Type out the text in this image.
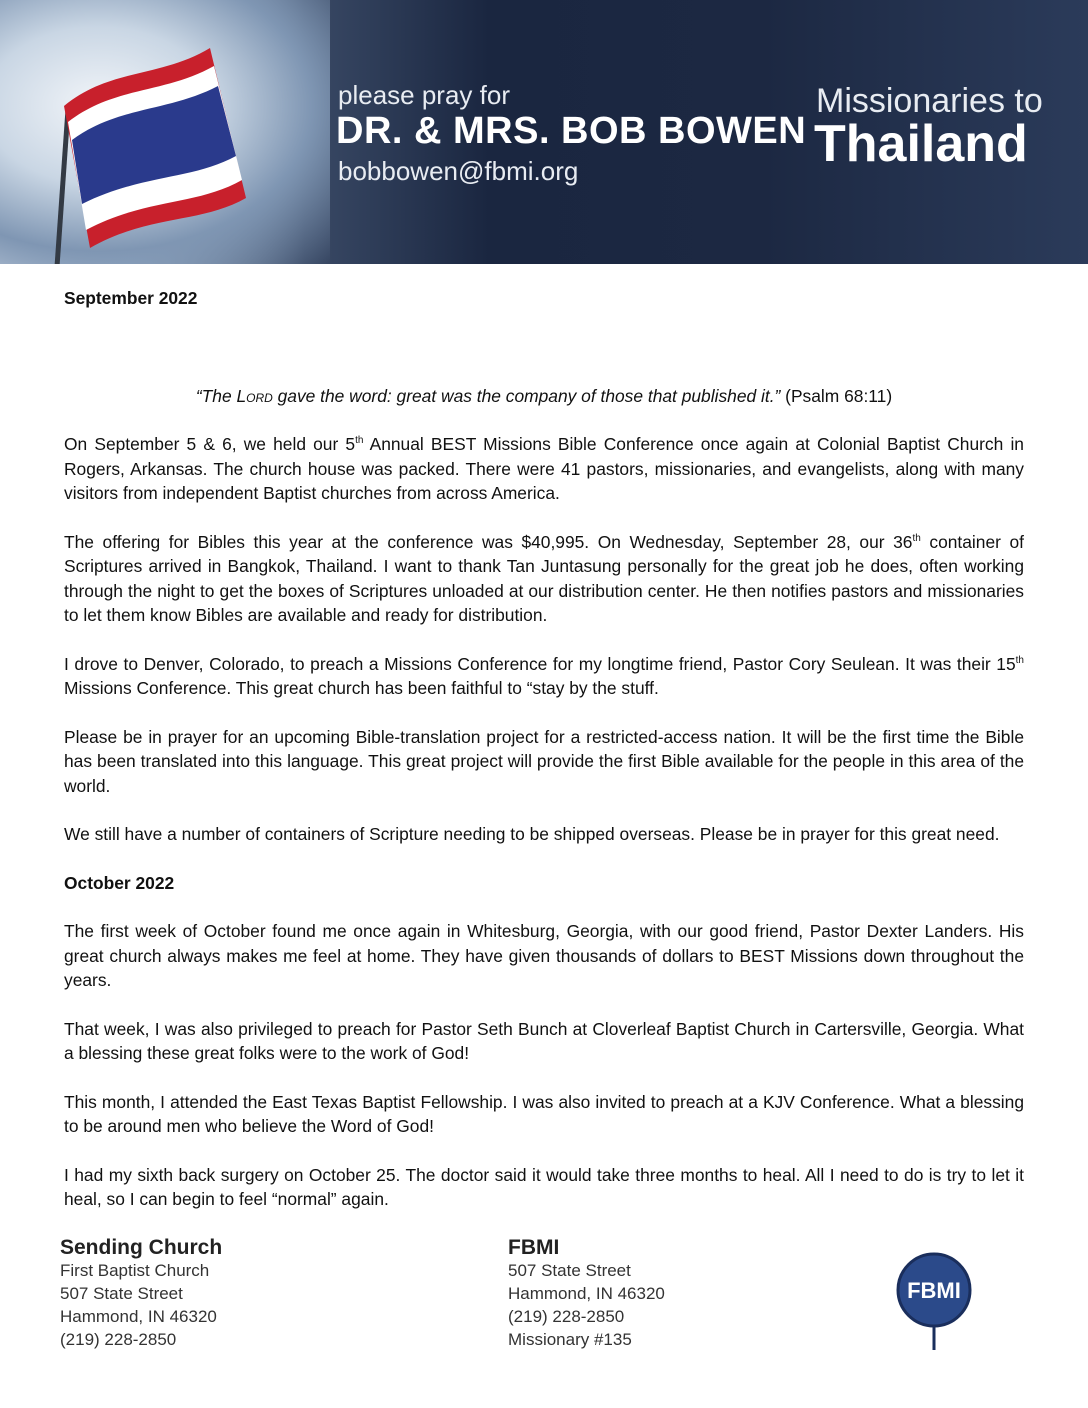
please pray for
DR. & MRS. BOB BOWEN
bobbowen@fbmi.org
Missionaries to
Thailand

September 2022

“The Lord gave the word: great was the company of those that published it.” (Psalm 68:11)

On September 5 & 6, we held our 5th Annual BEST Missions Bible Conference once again at Colonial Baptist Church in Rogers, Arkansas. The church house was packed. There were 41 pastors, missionaries, and evangelists, along with many visitors from independent Baptist churches from across America.

The offering for Bibles this year at the conference was $40,995. On Wednesday, September 28, our 36th container of Scriptures arrived in Bangkok, Thailand. I want to thank Tan Juntasung personally for the great job he does, often working through the night to get the boxes of Scriptures unloaded at our distribution center. He then notifies pastors and missionaries to let them know Bibles are available and ready for distribution.

I drove to Denver, Colorado, to preach a Missions Conference for my longtime friend, Pastor Cory Seulean. It was their 15th Missions Conference. This great church has been faithful to “stay by the stuff.

Please be in prayer for an upcoming Bible-translation project for a restricted-access nation. It will be the first time the Bible has been translated into this language. This great project will provide the first Bible available for the people in this area of the world.

We still have a number of containers of Scripture needing to be shipped overseas. Please be in prayer for this great need.

October 2022

The first week of October found me once again in Whitesburg, Georgia, with our good friend, Pastor Dexter Landers. His great church always makes me feel at home. They have given thousands of dollars to BEST Missions down throughout the years.

That week, I was also privileged to preach for Pastor Seth Bunch at Cloverleaf Baptist Church in Cartersville, Georgia. What a blessing these great folks were to the work of God!

This month, I attended the East Texas Baptist Fellowship. I was also invited to preach at a KJV Conference. What a blessing to be around men who believe the Word of God!

I had my sixth back surgery on October 25. The doctor said it would take three months to heal. All I need to do is try to let it heal, so I can begin to feel “normal” again.

Sending Church
First Baptist Church
507 State Street
Hammond, IN 46320
(219) 228-2850
FBMI
507 State Street
Hammond, IN 46320
(219) 228-2850
Missionary #135
FBMI
